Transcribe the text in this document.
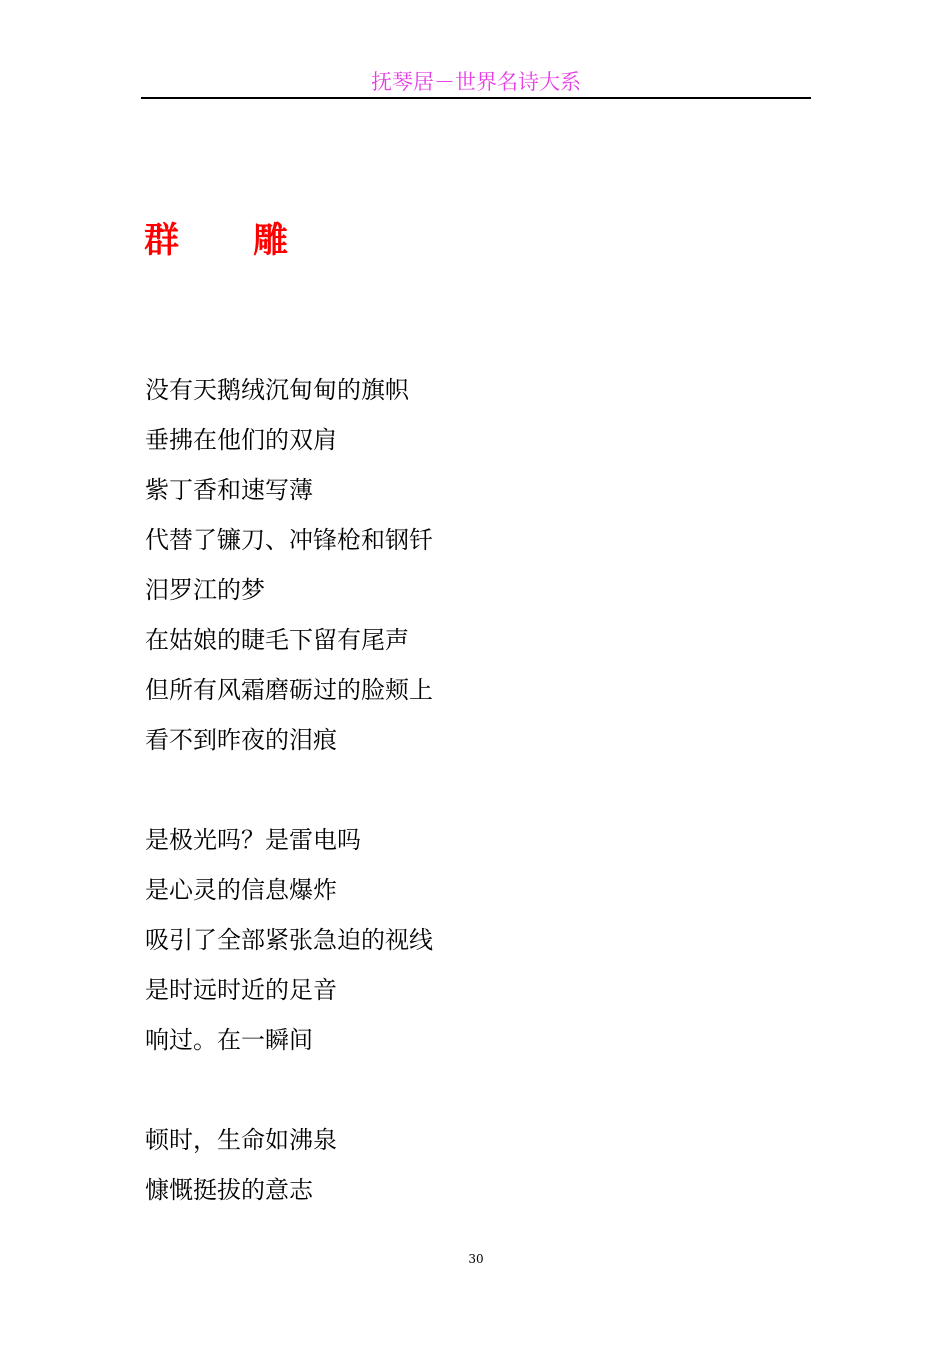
抚琴居－世界名诗大系
群 雕
没有天鹅绒沉甸甸的旗帜
垂拂在他们的双肩
紫丁香和速写薄
代替了镰刀、冲锋枪和钢钎
汨罗江的梦
在姑娘的睫毛下留有尾声
但所有风霜磨砺过的脸颊上
看不到昨夜的泪痕
是极光吗？是雷电吗
是心灵的信息爆炸
吸引了全部紧张急迫的视线
是时远时近的足音
响过。在一瞬间
顿时，生命如沸泉
慷慨挺拔的意志
30
